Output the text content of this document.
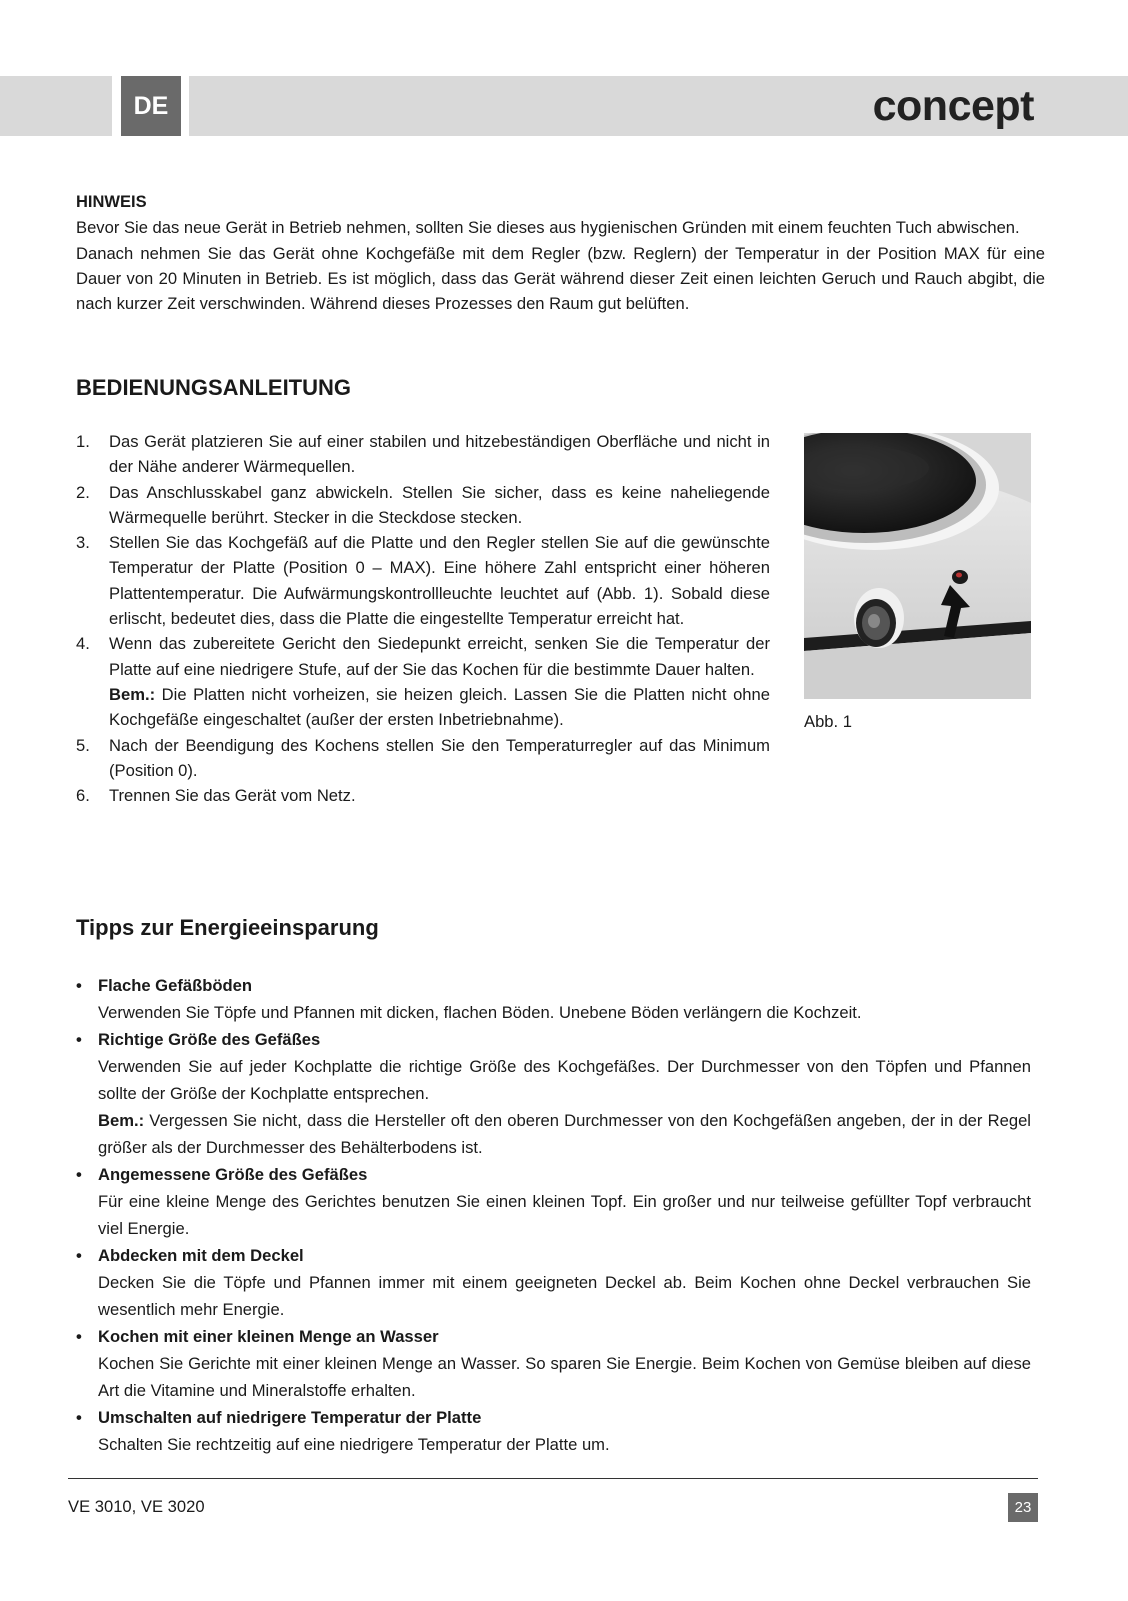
DE	concept
HINWEIS

Bevor Sie das neue Gerät in Betrieb nehmen, sollten Sie dieses aus hygienischen Gründen mit einem feuchten Tuch abwischen.

Danach nehmen Sie das Gerät ohne Kochgefäße mit dem Regler (bzw. Reglern) der Temperatur in der Position MAX für eine Dauer von 20 Minuten in Betrieb. Es ist möglich, dass das Gerät während dieser Zeit einen leichten Geruch und Rauch abgibt, die nach kurzer Zeit verschwinden. Während dieses Prozesses den Raum gut belüften.

BEDIENUNGSANLEITUNG
1. Das Gerät platzieren Sie auf einer stabilen und hitzebeständigen Oberfläche und nicht in der Nähe anderer Wärmequellen.
2. Das Anschlusskabel ganz abwickeln. Stellen Sie sicher, dass es keine naheliegende Wärmequelle berührt. Stecker in die Steckdose stecken.
3. Stellen Sie das Kochgefäß auf die Platte und den Regler stellen Sie auf die gewünschte Temperatur der Platte (Position 0 – MAX). Eine höhere Zahl entspricht einer höheren Plattentemperatur. Die Aufwärmungskontrollleuchte leuchtet auf (Abb. 1). Sobald diese erlischt, bedeutet dies, dass die Platte die eingestellte Temperatur erreicht hat.
4. Wenn das zubereitete Gericht den Siedepunkt erreicht, senken Sie die Temperatur der Platte auf eine niedrigere Stufe, auf der Sie das Kochen für die bestimmte Dauer halten.
Bem.: Die Platten nicht vorheizen, sie heizen gleich. Lassen Sie die Platten nicht ohne Kochgefäße eingeschaltet (außer der ersten Inbetriebnahme).
5. Nach der Beendigung des Kochens stellen Sie den Temperaturregler auf das Minimum (Position 0).
6. Trennen Sie das Gerät vom Netz.
Abb. 1
Tipps zur Energieeinsparung
• Flache Gefäßböden
Verwenden Sie Töpfe und Pfannen mit dicken, flachen Böden. Unebene Böden verlängern die Kochzeit.
• Richtige Größe des Gefäßes
Verwenden Sie auf jeder Kochplatte die richtige Größe des Kochgefäßes. Der Durchmesser von den Töpfen und Pfannen sollte der Größe der Kochplatte entsprechen.
Bem.: Vergessen Sie nicht, dass die Hersteller oft den oberen Durchmesser von den Kochgefäßen angeben, der in der Regel größer als der Durchmesser des Behälterbodens ist.
• Angemessene Größe des Gefäßes
Für eine kleine Menge des Gerichtes benutzen Sie einen kleinen Topf. Ein großer und nur teilweise gefüllter Topf verbraucht viel Energie.
• Abdecken mit dem Deckel
Decken Sie die Töpfe und Pfannen immer mit einem geeigneten Deckel ab. Beim Kochen ohne Deckel verbrauchen Sie wesentlich mehr Energie.
• Kochen mit einer kleinen Menge an Wasser
Kochen Sie Gerichte mit einer kleinen Menge an Wasser. So sparen Sie Energie. Beim Kochen von Gemüse bleiben auf diese Art die Vitamine und Mineralstoffe erhalten.
• Umschalten auf niedrigere Temperatur der Platte
Schalten Sie rechtzeitig auf eine niedrigere Temperatur der Platte um.
VE 3010, VE 3020	23
